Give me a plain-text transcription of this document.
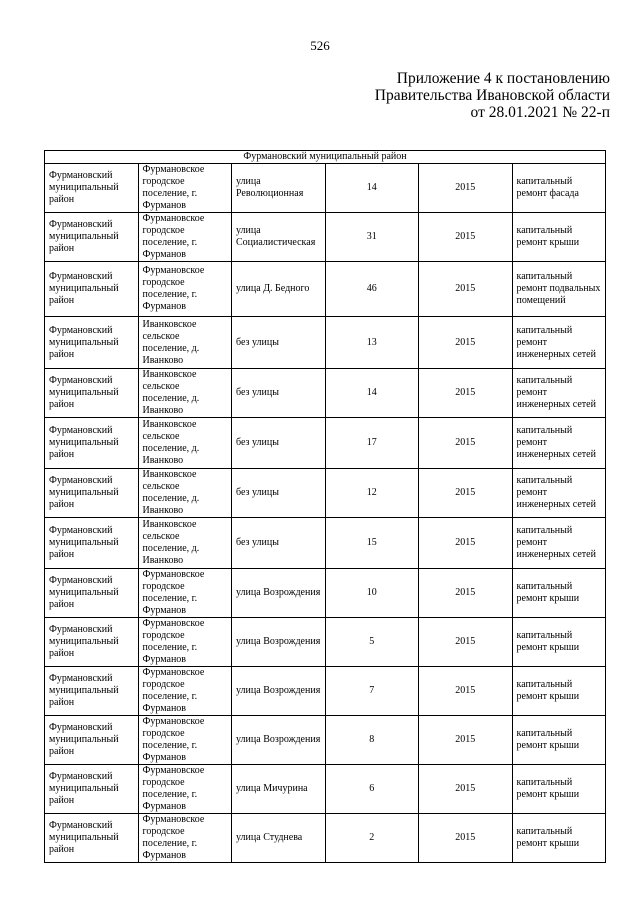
526
Приложение 4 к постановлению
Правительства Ивановской области
от 28.01.2021 № 22-п
Фурмановский муниципальный район					
Фурмановский муниципальный район	Фурмановское городское поселение, г. Фурманов	улица Революционная	14	2015	капитальный ремонт фасада
Фурмановский муниципальный район	Фурмановское городское поселение, г. Фурманов	улица Социалистическая	31	2015	капитальный ремонт крыши
Фурмановский муниципальный район	Фурмановское городское поселение, г. Фурманов	улица Д. Бедного	46	2015	капитальный ремонт подвальных помещений
Фурмановский муниципальный район	Иванковское сельское поселение, д. Иванково	без улицы	13	2015	капитальный ремонт инженерных сетей
Фурмановский муниципальный район	Иванковское сельское поселение, д. Иванково	без улицы	14	2015	капитальный ремонт инженерных сетей
Фурмановский муниципальный район	Иванковское сельское поселение, д. Иванково	без улицы	17	2015	капитальный ремонт инженерных сетей
Фурмановский муниципальный район	Иванковское сельское поселение, д. Иванково	без улицы	12	2015	капитальный ремонт инженерных сетей
Фурмановский муниципальный район	Иванковское сельское поселение, д. Иванково	без улицы	15	2015	капитальный ремонт инженерных сетей
Фурмановский муниципальный район	Фурмановское городское поселение, г. Фурманов	улица Возрождения	10	2015	капитальный ремонт крыши
Фурмановский муниципальный район	Фурмановское городское поселение, г. Фурманов	улица Возрождения	5	2015	капитальный ремонт крыши
Фурмановский муниципальный район	Фурмановское городское поселение, г. Фурманов	улица Возрождения	7	2015	капитальный ремонт крыши
Фурмановский муниципальный район	Фурмановское городское поселение, г. Фурманов	улица Возрождения	8	2015	капитальный ремонт крыши
Фурмановский муниципальный район	Фурмановское городское поселение, г. Фурманов	улица Мичурина	6	2015	капитальный ремонт крыши
Фурмановский муниципальный район	Фурмановское городское поселение, г. Фурманов	улица Студнева	2	2015	капитальный ремонт крыши
